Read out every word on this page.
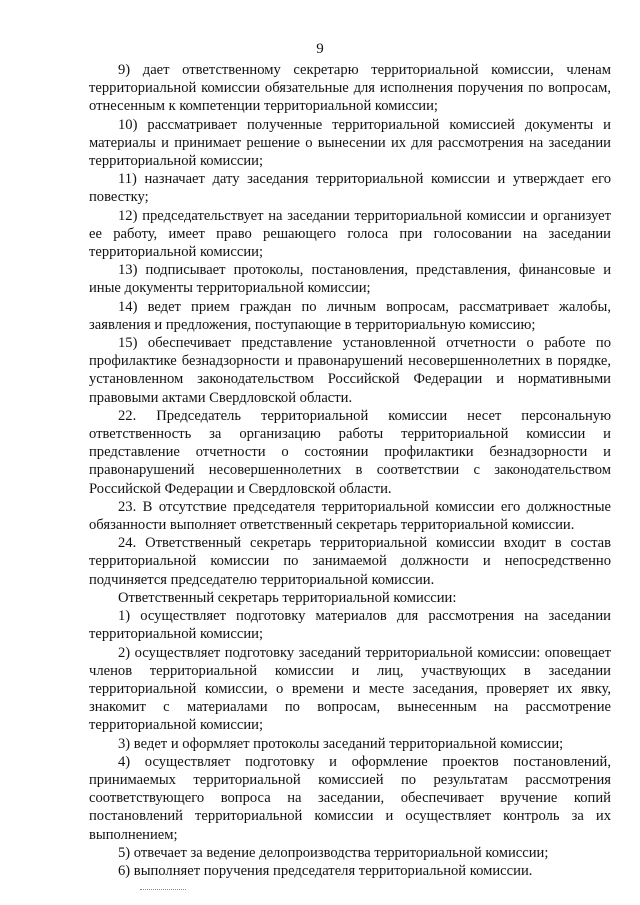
9

9) дает ответственному секретарю территориальной комиссии, членам территориальной комиссии обязательные для исполнения поручения по вопросам, отнесенным к компетенции территориальной комиссии;

10) рассматривает полученные территориальной комиссией документы и материалы и принимает решение о вынесении их для рассмотрения на заседании территориальной комиссии;

11) назначает дату заседания территориальной комиссии и утверждает его повестку;

12) председательствует на заседании территориальной комиссии и организует ее работу, имеет право решающего голоса при голосовании на заседании территориальной комиссии;

13) подписывает протоколы, постановления, представления, финансовые и иные документы территориальной комиссии;

14) ведет прием граждан по личным вопросам, рассматривает жалобы, заявления и предложения, поступающие в территориальную комиссию;

15) обеспечивает представление установленной отчетности о работе по профилактике безнадзорности и правонарушений несовершеннолетних в порядке, установленном законодательством Российской Федерации и нормативными правовыми актами Свердловской области.

22. Председатель территориальной комиссии несет персональную ответственность за организацию работы территориальной комиссии и представление отчетности о состоянии профилактики безнадзорности и правонарушений несовершеннолетних в соответствии с законодательством Российской Федерации и Свердловской области.

23. В отсутствие председателя территориальной комиссии его должностные обязанности выполняет ответственный секретарь территориальной комиссии.

24. Ответственный секретарь территориальной комиссии входит в состав территориальной комиссии по занимаемой должности и непосредственно подчиняется председателю территориальной комиссии.

Ответственный секретарь территориальной комиссии:

1) осуществляет подготовку материалов для рассмотрения на заседании территориальной комиссии;

2) осуществляет подготовку заседаний территориальной комиссии: оповещает членов территориальной комиссии и лиц, участвующих в заседании территориальной комиссии, о времени и месте заседания, проверяет их явку, знакомит с материалами по вопросам, вынесенным на рассмотрение территориальной комиссии;

3) ведет и оформляет протоколы заседаний территориальной комиссии;

4) осуществляет подготовку и оформление проектов постановлений, принимаемых территориальной комиссией по результатам рассмотрения соответствующего вопроса на заседании, обеспечивает вручение копий постановлений территориальной комиссии и осуществляет контроль за их выполнением;

5) отвечает за ведение делопроизводства территориальной комиссии;

6) выполняет поручения председателя территориальной комиссии.
